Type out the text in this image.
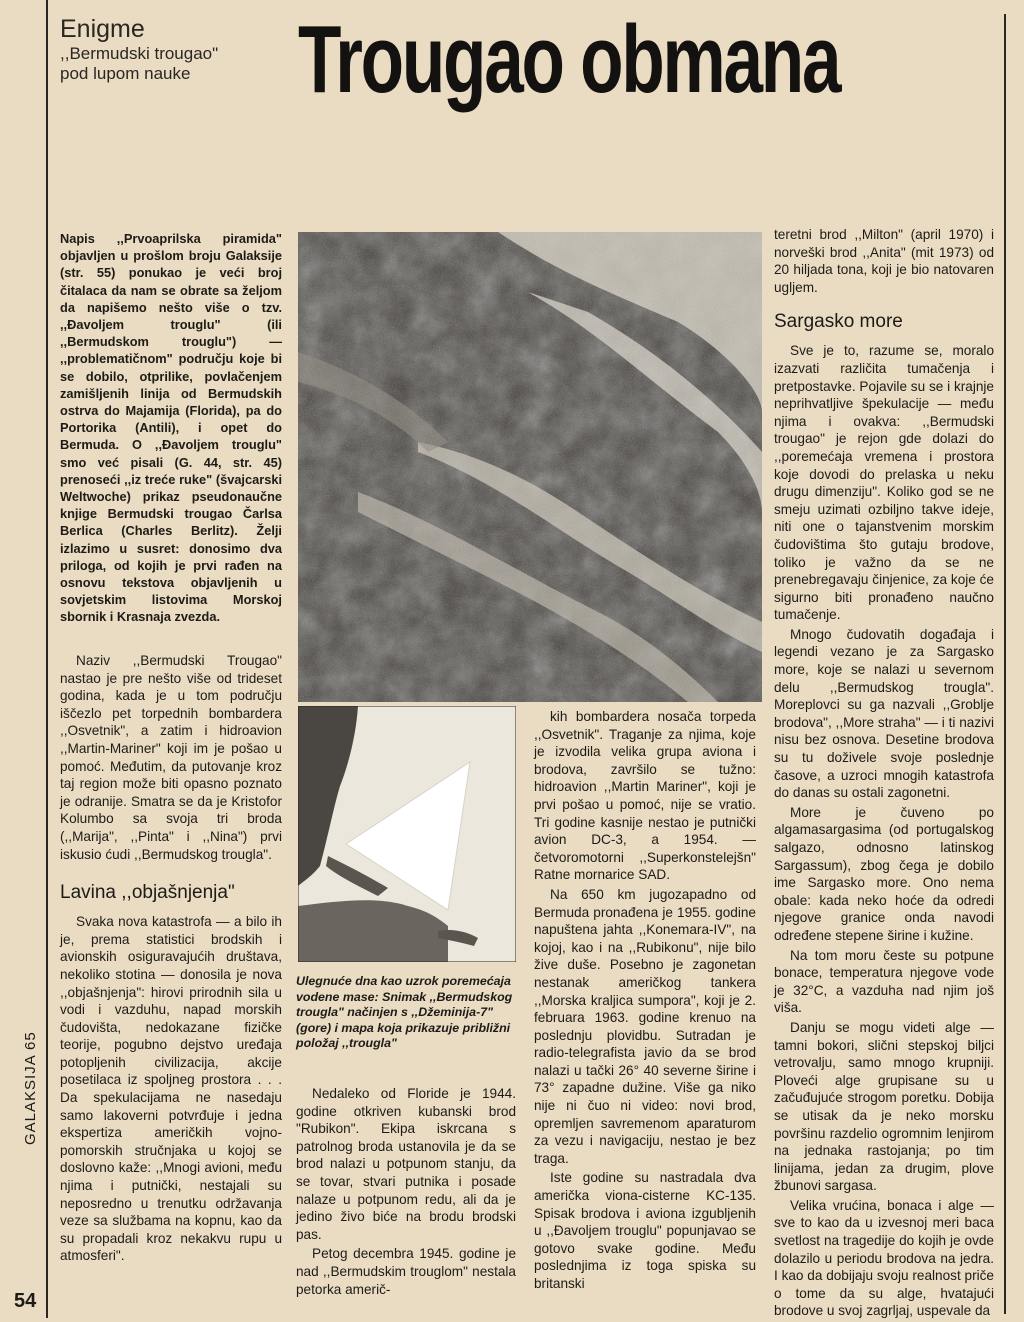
Enigme
,,Bermudski trougao"
pod lupom nauke	Trougao obmana

Napis ,,Prvoaprilska piramida" objavljen u prošlom broju Galaksije (str. 55) ponukao je veći broj čitalaca da nam se obrate sa željom da napišemo nešto više o tzv. ,,Đavoljem trouglu" (ili ,,Bermudskom trouglu") — ,,problematičnom" području koje bi se dobilo, otprilike, povlačenjem zamišljenih linija od Bermudskih ostrva do Majamija (Florida), pa do Portorika (Antili), i opet do Bermuda. O ,,Đavoljem trouglu" smo već pisali (G. 44, str. 45) prenoseći ,,iz treće ruke" (švajcarski Weltwoche) prikaz pseudonaučne knjige Bermudski trougao Čarlsa Berlica (Charles Berlitz). Želji izlazimo u susret: donosimo dva priloga, od kojih je prvi rađen na osnovu tekstova objavljenih u sovjetskim listovima Morskoj sbornik i Krasnaja zvezda.

Naziv ,,Bermudski Trougao" nastao je pre nešto više od trideset godina, kada je u tom području iščezlo pet torpednih bombardera ,,Osvetnik", a zatim i hidroavion ,,Martin-Mariner" koji im je pošao u pomoć. Međutim, da putovanje kroz taj region može biti opasno poznato je odranije. Smatra se da je Kristofor Kolumbo sa svoja tri broda (,,Marija", ,,Pinta" i ,,Nina") prvi iskusio ćudi ,,Bermudskog trougla".

Lavina ,,objašnjenja"

Svaka nova katastrofa — a bilo ih je, prema statistici brodskih i avionskih osiguravajućih društava, nekoliko stotina — donosila je nova ,,objašnjenja": hirovi prirodnih sila u vodi i vazduhu, napad morskih čudovišta, nedokazane fizičke teorije, pogubno dejstvo uređaja potopljenih civilizacija, akcije posetilaca iz spoljneg prostora . . . Da spekulacijama ne nasedaju samo lakoverni potvrđuje i jedna ekspertiza američkih vojno-pomorskih stručnjaka u kojoj se doslovno kaže: ,,Mnogi avioni, među njima i putnički, nestajali su neposredno u trenutku održavanja veze sa službama na kopnu, kao da su propadali kroz nekakvu rupu u atmosferi".

Ulegnuće dna kao uzrok poremećaja vodene mase: Snimak ,,Bermudskog trougla" načinjen s ,,Džeminija-7" (gore) i mapa koja prikazuje približni položaj ,,trougla"

Nedaleko od Floride je 1944. godine otkriven kubanski brod "Rubikon". Ekipa iskrcana s patrolnog broda ustanovila je da se brod nalazi u potpunom stanju, da se tovar, stvari putnika i posade nalaze u potpunom redu, ali da je jedino živo biće na brodu brodski pas.

Petog decembra 1945. godine je nad ,,Bermudskim trouglom" nestala petorka američ-

kih bombardera nosača torpeda ,,Osvetnik". Traganje za njima, koje je izvodila velika grupa aviona i brodova, završilo se tužno: hidroavion ,,Martin Mariner", koji je prvi pošao u pomoć, nije se vratio. Tri godine kasnije nestao je putnički avion DC-3, a 1954. — četvoromotorni ,,Superkonstelejšn" Ratne mornarice SAD.

Na 650 km jugozapadno od Bermuda pronađena je 1955. godine napuštena jahta ,,Konemara-IV", na kojoj, kao i na ,,Rubikonu", nije bilo žive duše. Posebno je zagonetan nestanak američkog tankera ,,Morska kraljica sumpora", koji je 2. februara 1963. godine krenuo na poslednju plovidbu. Sutradan je radio-telegrafista javio da se brod nalazi u tački 26° 40 severne širine i 73° zapadne dužine. Više ga niko nije ni čuo ni video: novi brod, opremljen savremenom aparaturom za vezu i navigaciju, nestao je bez traga.

Iste godine su nastradala dva američka viona-cisterne KC-135. Spisak brodova i aviona izgubljenih u ,,Đavoljem trouglu" popunjavao se gotovo svake godine. Među poslednjima iz toga spiska su britanski

teretni brod ,,Milton" (april 1970) i norveški brod ,,Anita" (mit 1973) od 20 hiljada tona, koji je bio natovaren ugljem.

Sargasko more

Sve je to, razume se, moralo izazvati različita tumačenja i pretpostavke. Pojavile su se i krajnje neprihvatljive špekulacije — među njima i ovakva: ,,Bermudski trougao" je rejon gde dolazi do ,,poremećaja vremena i prostora koje dovodi do prelaska u neku drugu dimenziju". Koliko god se ne smeju uzimati ozbiljno takve ideje, niti one o tajanstvenim morskim čudovištima što gutaju brodove, toliko je važno da se ne prenebregavaju činjenice, za koje će sigurno biti pronađeno naučno tumačenje.

Mnogo čudovatih događaja i legendi vezano je za Sargasko more, koje se nalazi u severnom delu ,,Bermudskog trougla". Moreplovci su ga nazvali ,,Groblje brodova", ,,More straha" — i ti nazivi nisu bez osnova. Desetine brodova su tu doživele svoje poslednje časove, a uzroci mnogih katastrofa do danas su ostali zagonetni.

More je čuveno po algamasargasima (od portugalskog salgazo, odnosno latinskog Sargassum), zbog čega je dobilo ime Sargasko more. Ono nema obale: kada neko hoće da odredi njegove granice onda navodi određene stepene širine i kužine.

Na tom moru česte su potpune bonace, temperatura njegove vode je 32°C, a vazduha nad njim još viša.

Danju se mogu videti alge — tamni bokori, slični stepskoj biljci vetrovalju, samo mnogo krupniji. Ploveći alge grupisane su u začuđujuće strogom poretku. Dobija se utisak da je neko morsku površinu razdelio ogromnim lenjirom na jednaka rastojanja; po tim linijama, jedan za drugim, plove žbunovi sargasa.

Velika vrućina, bonaca i alge — sve to kao da u izvesnoj meri baca svetlost na tragedije do kojih je ovde dolazilo u periodu brodova na jedra. I kao da dobijaju svoju realnost priče o tome da su alge, hvatajući brodove u svoj zagrljaj, uspevale da

GALAKSIJA 65
54
